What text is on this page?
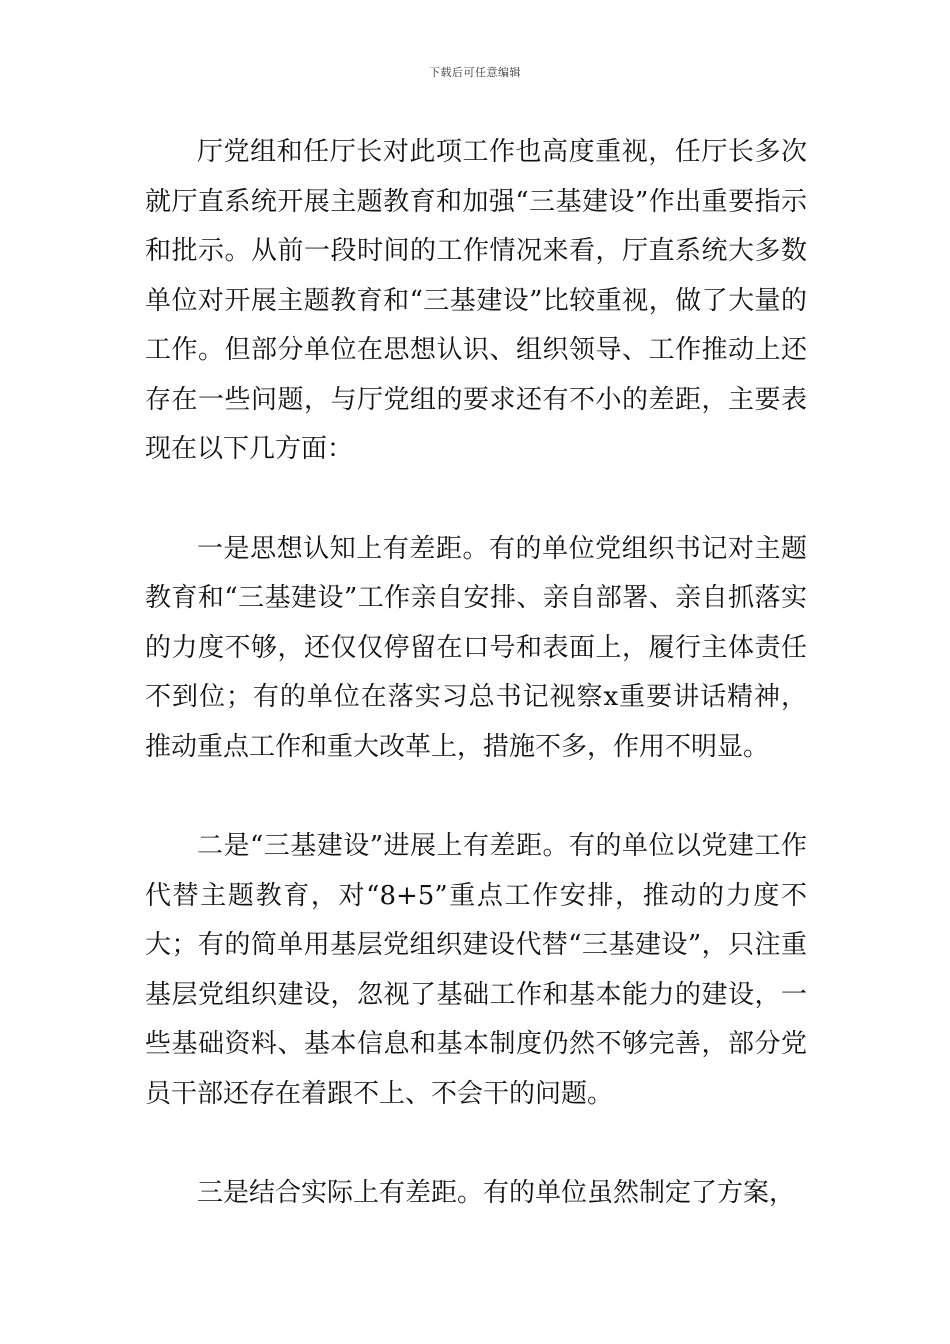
下载后可任意编辑

厅党组和任厅长对此项工作也高度重视，任厅长多次就厅直系统开展主题教育和加强“三基建设”作出重要指示和批示。从前一段时间的工作情况来看，厅直系统大多数单位对开展主题教育和“三基建设”比较重视，做了大量的工作。但部分单位在思想认识、组织领导、工作推动上还存在一些问题，与厅党组的要求还有不小的差距，主要表现在以下几方面：

一是思想认知上有差距。有的单位党组织书记对主题教育和“三基建设”工作亲自安排、亲自部署、亲自抓落实的力度不够，还仅仅停留在口号和表面上，履行主体责任不到位；有的单位在落实习总书记视察x重要讲话精神，推动重点工作和重大改革上，措施不多，作用不明显。

二是“三基建设”进展上有差距。有的单位以党建工作代替主题教育，对“8+5”重点工作安排，推动的力度不大；有的简单用基层党组织建设代替“三基建设”，只注重基层党组织建设，忽视了基础工作和基本能力的建设，一些基础资料、基本信息和基本制度仍然不够完善，部分党员干部还存在着跟不上、不会干的问题。

三是结合实际上有差距。有的单位虽然制定了方案，
